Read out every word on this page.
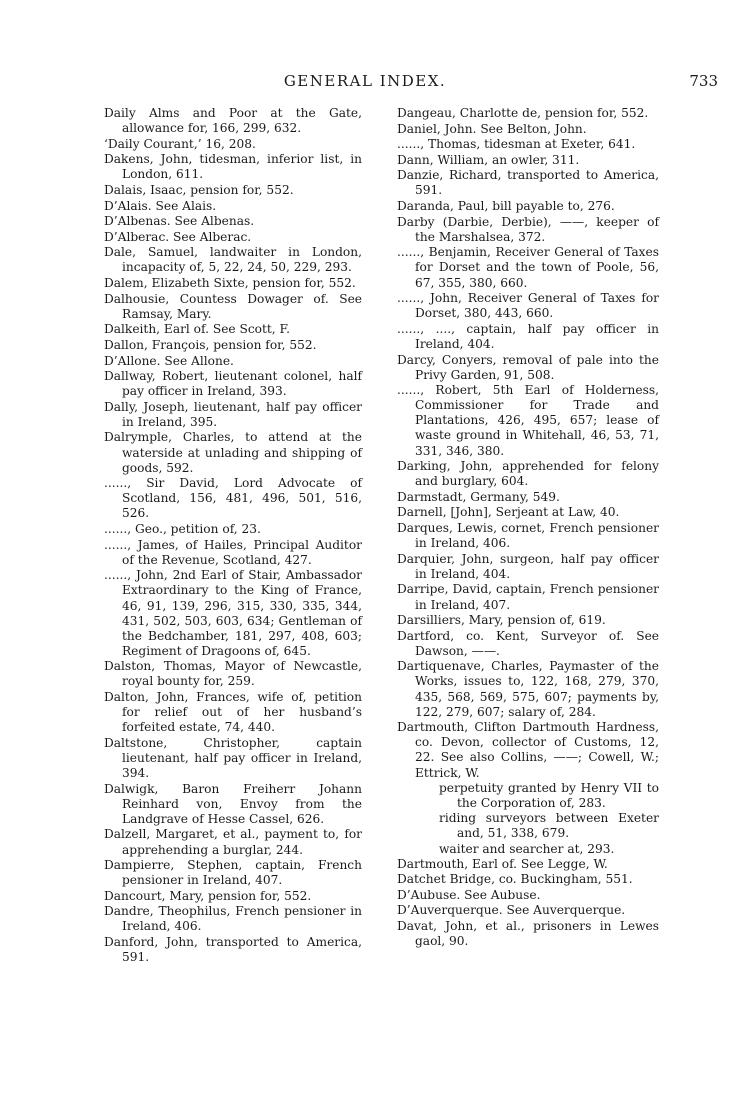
GENERAL INDEX.	733
Daily Alms and Poor at the Gate, allowance for, 166, 299, 632.
‘Daily Courant,’ 16, 208.
Dakens, John, tidesman, inferior list, in London, 611.
Dalais, Isaac, pension for, 552.
D’Alais. See Alais.
D’Albenas. See Albenas.
D’Alberac. See Alberac.
Dale, Samuel, landwaiter in London, incapacity of, 5, 22, 24, 50, 229, 293.
Dalem, Elizabeth Sixte, pension for, 552.
Dalhousie, Countess Dowager of. See Ramsay, Mary.
Dalkeith, Earl of. See Scott, F.
Dallon, François, pension for, 552.
D’Allone. See Allone.
Dallway, Robert, lieutenant colonel, half pay officer in Ireland, 393.
Dally, Joseph, lieutenant, half pay officer in Ireland, 395.
Dalrymple, Charles, to attend at the waterside at unlading and shipping of goods, 592.
......, Sir David, Lord Advocate of Scotland, 156, 481, 496, 501, 516, 526.
......, Geo., petition of, 23.
......, James, of Hailes, Principal Auditor of the Revenue, Scotland, 427.
......, John, 2nd Earl of Stair, Ambassador Extraordinary to the King of France, 46, 91, 139, 296, 315, 330, 335, 344, 431, 502, 503, 603, 634; Gentleman of the Bedchamber, 181, 297, 408, 603; Regiment of Dragoons of, 645.
Dalston, Thomas, Mayor of Newcastle, royal bounty for, 259.
Dalton, John, Frances, wife of, petition for relief out of her husband’s forfeited estate, 74, 440.
Daltstone, Christopher, captain lieutenant, half pay officer in Ireland, 394.
Dalwigk, Baron Freiherr Johann Reinhard von, Envoy from the Landgrave of Hesse Cassel, 626.
Dalzell, Margaret, et al., payment to, for apprehending a burglar, 244.
Dampierre, Stephen, captain, French pensioner in Ireland, 407.
Dancourt, Mary, pension for, 552.
Dandre, Theophilus, French pensioner in Ireland, 406.
Danford, John, transported to America, 591.
Dangeau, Charlotte de, pension for, 552.
Daniel, John. See Belton, John.
......, Thomas, tidesman at Exeter, 641.
Dann, William, an owler, 311.
Danzie, Richard, transported to America, 591.
Daranda, Paul, bill payable to, 276.
Darby (Darbie, Derbie), ——, keeper of the Marshalsea, 372.
......, Benjamin, Receiver General of Taxes for Dorset and the town of Poole, 56, 67, 355, 380, 660.
......, John, Receiver General of Taxes for Dorset, 380, 443, 660.
......, ...., captain, half pay officer in Ireland, 404.
Darcy, Conyers, removal of pale into the Privy Garden, 91, 508.
......, Robert, 5th Earl of Holderness, Commissioner for Trade and Plantations, 426, 495, 657; lease of waste ground in Whitehall, 46, 53, 71, 331, 346, 380.
Darking, John, apprehended for felony and burglary, 604.
Darmstadt, Germany, 549.
Darnell, [John], Serjeant at Law, 40.
Darques, Lewis, cornet, French pensioner in Ireland, 406.
Darquier, John, surgeon, half pay officer in Ireland, 404.
Darripe, David, captain, French pensioner in Ireland, 407.
Darsilliers, Mary, pension of, 619.
Dartford, co. Kent, Surveyor of. See Dawson, ——.
Dartiquenave, Charles, Paymaster of the Works, issues to, 122, 168, 279, 370, 435, 568, 569, 575, 607; payments by, 122, 279, 607; salary of, 284.
Dartmouth, Clifton Dartmouth Hardness, co. Devon, collector of Customs, 12, 22. See also Collins, ——; Cowell, W.; Ettrick, W.
perpetuity granted by Henry VII to the Corporation of, 283.
riding surveyors between Exeter and, 51, 338, 679.
waiter and searcher at, 293.
Dartmouth, Earl of. See Legge, W.
Datchet Bridge, co. Buckingham, 551.
D’Aubuse. See Aubuse.
D’Auverquerque. See Auverquerque.
Davat, John, et al., prisoners in Lewes gaol, 90.
